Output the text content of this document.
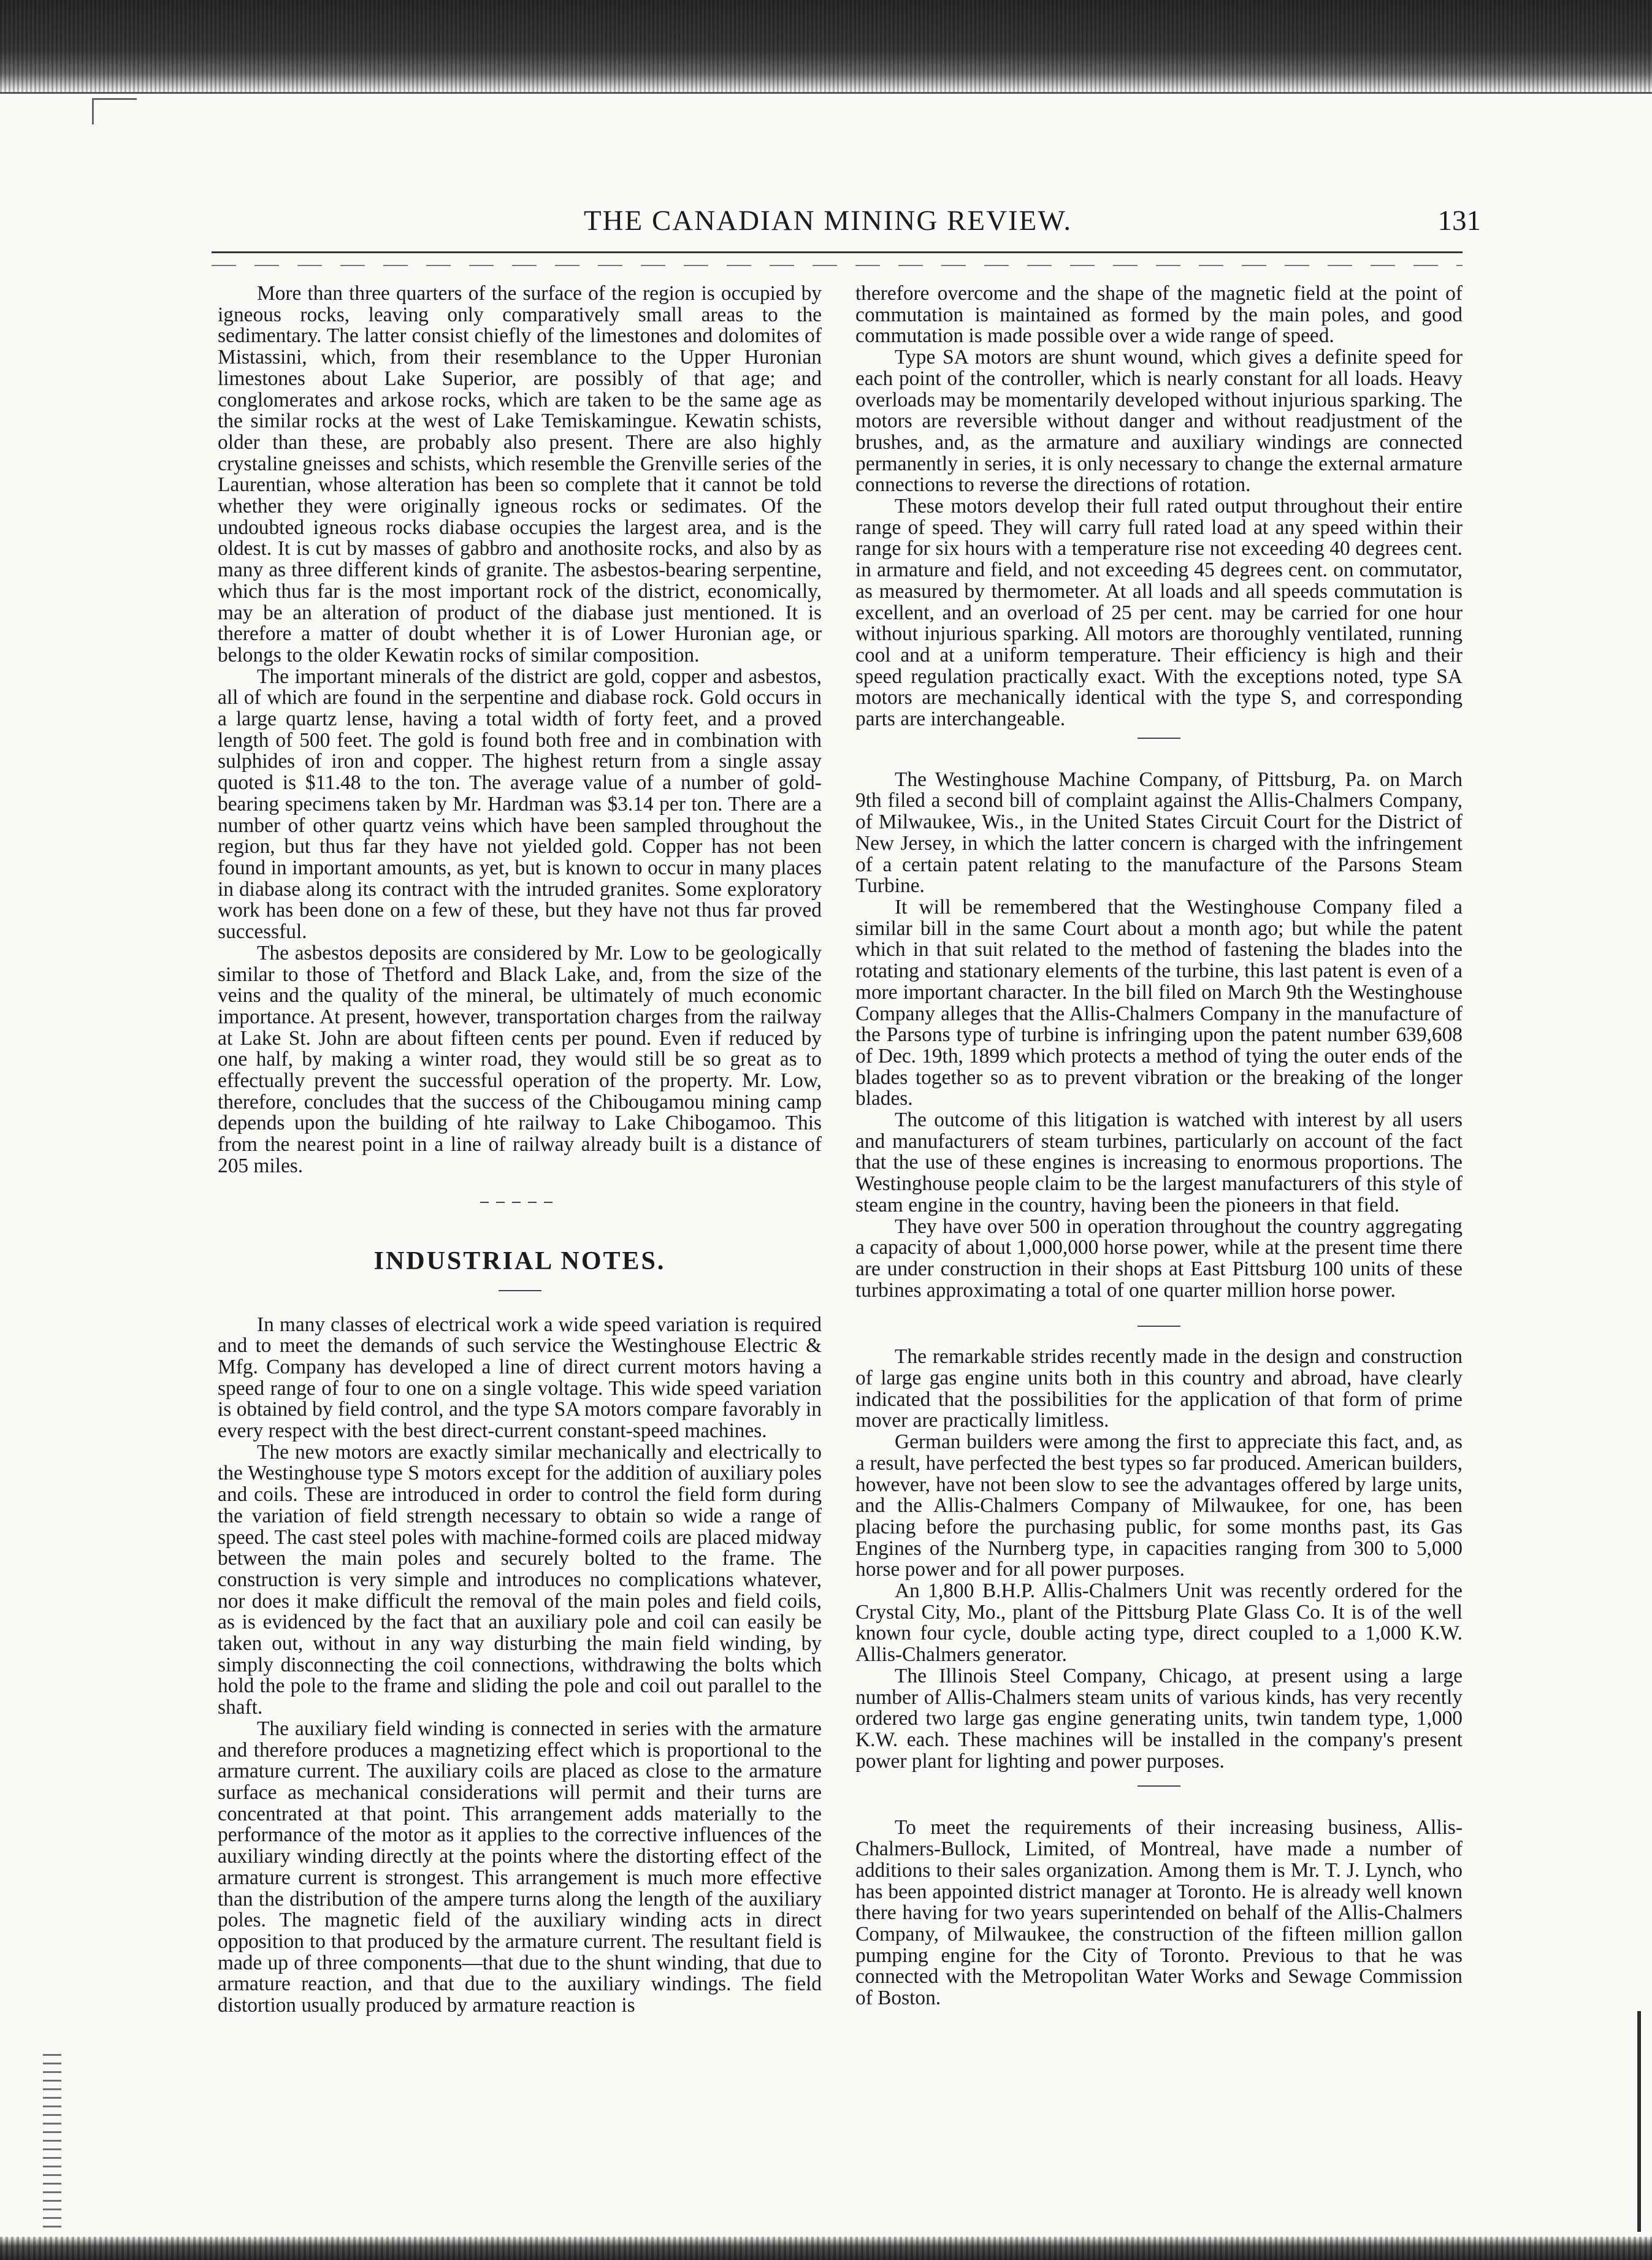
THE CANADIAN MINING REVIEW.	131

More than three quarters of the surface of the region is occupied by igneous rocks, leaving only comparatively small areas to the sedimentary. The latter consist chiefly of the limestones and dolomites of Mistassini, which, from their resemblance to the Upper Huronian limestones about Lake Superior, are possibly of that age; and conglomerates and arkose rocks, which are taken to be the same age as the similar rocks at the west of Lake Temiskamingue. Kewatin schists, older than these, are probably also present. There are also highly crystaline gneisses and schists, which resemble the Grenville series of the Laurentian, whose alteration has been so complete that it cannot be told whether they were originally igneous rocks or sedimates. Of the undoubted igneous rocks diabase occupies the largest area, and is the oldest. It is cut by masses of gabbro and anothosite rocks, and also by as many as three different kinds of granite. The asbestos-bearing serpentine, which thus far is the most important rock of the district, economically, may be an alteration of product of the diabase just mentioned. It is therefore a matter of doubt whether it is of Lower Huronian age, or belongs to the older Kewatin rocks of similar composition.

The important minerals of the district are gold, copper and asbestos, all of which are found in the serpentine and diabase rock. Gold occurs in a large quartz lense, having a total width of forty feet, and a proved length of 500 feet. The gold is found both free and in combination with sulphides of iron and copper. The highest return from a single assay quoted is $11.48 to the ton. The average value of a number of gold-bearing specimens taken by Mr. Hardman was $3.14 per ton. There are a number of other quartz veins which have been sampled throughout the region, but thus far they have not yielded gold. Copper has not been found in important amounts, as yet, but is known to occur in many places in diabase along its contract with the intruded granites. Some exploratory work has been done on a few of these, but they have not thus far proved successful.

The asbestos deposits are considered by Mr. Low to be geologically similar to those of Thetford and Black Lake, and, from the size of the veins and the quality of the mineral, be ultimately of much economic importance. At present, however, transportation charges from the railway at Lake St. John are about fifteen cents per pound. Even if reduced by one half, by making a winter road, they would still be so great as to effectually prevent the successful operation of the property. Mr. Low, therefore, concludes that the success of the Chibougamou mining camp depends upon the building of hte railway to Lake Chibogamoo. This from the nearest point in a line of railway already built is a distance of 205 miles.

INDUSTRIAL NOTES.

In many classes of electrical work a wide speed variation is required and to meet the demands of such service the Westinghouse Electric & Mfg. Company has developed a line of direct current motors having a speed range of four to one on a single voltage. This wide speed variation is obtained by field control, and the type SA motors compare favorably in every respect with the best direct-current constant-speed machines.

The new motors are exactly similar mechanically and electrically to the Westinghouse type S motors except for the addition of auxiliary poles and coils. These are introduced in order to control the field form during the variation of field strength necessary to obtain so wide a range of speed. The cast steel poles with machine-formed coils are placed midway between the main poles and securely bolted to the frame. The construction is very simple and introduces no complications whatever, nor does it make difficult the removal of the main poles and field coils, as is evidenced by the fact that an auxiliary pole and coil can easily be taken out, without in any way disturbing the main field winding, by simply disconnecting the coil connections, withdrawing the bolts which hold the pole to the frame and sliding the pole and coil out parallel to the shaft.

The auxiliary field winding is connected in series with the armature and therefore produces a magnetizing effect which is proportional to the armature current. The auxiliary coils are placed as close to the armature surface as mechanical considerations will permit and their turns are concentrated at that point. This arrangement adds materially to the performance of the motor as it applies to the corrective influences of the auxiliary winding directly at the points where the distorting effect of the armature current is strongest. This arrangement is much more effective than the distribution of the ampere turns along the length of the auxiliary poles. The magnetic field of the auxiliary winding acts in direct opposition to that produced by the armature current. The resultant field is made up of three components—that due to the shunt winding, that due to armature reaction, and that due to the auxiliary windings. The field distortion usually produced by armature reaction is

therefore overcome and the shape of the magnetic field at the point of commutation is maintained as formed by the main poles, and good commutation is made possible over a wide range of speed.

Type SA motors are shunt wound, which gives a definite speed for each point of the controller, which is nearly constant for all loads. Heavy overloads may be momentarily developed without injurious sparking. The motors are reversible without danger and without readjustment of the brushes, and, as the armature and auxiliary windings are connected permanently in series, it is only necessary to change the external armature connections to reverse the directions of rotation.

These motors develop their full rated output throughout their entire range of speed. They will carry full rated load at any speed within their range for six hours with a temperature rise not exceeding 40 degrees cent. in armature and field, and not exceeding 45 degrees cent. on commutator, as measured by thermometer. At all loads and all speeds commutation is excellent, and an overload of 25 per cent. may be carried for one hour without injurious sparking. All motors are thoroughly ventilated, running cool and at a uniform temperature. Their efficiency is high and their speed regulation practically exact. With the exceptions noted, type SA motors are mechanically identical with the type S, and corresponding parts are interchangeable.

The Westinghouse Machine Company, of Pittsburg, Pa. on March 9th filed a second bill of complaint against the Allis-Chalmers Company, of Milwaukee, Wis., in the United States Circuit Court for the District of New Jersey, in which the latter concern is charged with the infringement of a certain patent relating to the manufacture of the Parsons Steam Turbine.

It will be remembered that the Westinghouse Company filed a similar bill in the same Court about a month ago; but while the patent which in that suit related to the method of fastening the blades into the rotating and stationary elements of the turbine, this last patent is even of a more important character. In the bill filed on March 9th the Westinghouse Company alleges that the Allis-Chalmers Company in the manufacture of the Parsons type of turbine is infringing upon the patent number 639,608 of Dec. 19th, 1899 which protects a method of tying the outer ends of the blades together so as to prevent vibration or the breaking of the longer blades.

The outcome of this litigation is watched with interest by all users and manufacturers of steam turbines, particularly on account of the fact that the use of these engines is increasing to enormous proportions. The Westinghouse people claim to be the largest manufacturers of this style of steam engine in the country, having been the pioneers in that field.

They have over 500 in operation throughout the country aggregating a capacity of about 1,000,000 horse power, while at the present time there are under construction in their shops at East Pittsburg 100 units of these turbines approximating a total of one quarter million horse power.

The remarkable strides recently made in the design and construction of large gas engine units both in this country and abroad, have clearly indicated that the possibilities for the application of that form of prime mover are practically limitless.

German builders were among the first to appreciate this fact, and, as a result, have perfected the best types so far produced. American builders, however, have not been slow to see the advantages offered by large units, and the Allis-Chalmers Company of Milwaukee, for one, has been placing before the purchasing public, for some months past, its Gas Engines of the Nurnberg type, in capacities ranging from 300 to 5,000 horse power and for all power purposes.

An 1,800 B.H.P. Allis-Chalmers Unit was recently ordered for the Crystal City, Mo., plant of the Pittsburg Plate Glass Co. It is of the well known four cycle, double acting type, direct coupled to a 1,000 K.W. Allis-Chalmers generator.

The Illinois Steel Company, Chicago, at present using a large number of Allis-Chalmers steam units of various kinds, has very recently ordered two large gas engine generating units, twin tandem type, 1,000 K.W. each. These machines will be installed in the company's present power plant for lighting and power purposes.

To meet the requirements of their increasing business, Allis-Chalmers-Bullock, Limited, of Montreal, have made a number of additions to their sales organization. Among them is Mr. T. J. Lynch, who has been appointed district manager at Toronto. He is already well known there having for two years superintended on behalf of the Allis-Chalmers Company, of Milwaukee, the construction of the fifteen million gallon pumping engine for the City of Toronto. Previous to that he was connected with the Metropolitan Water Works and Sewage Commission of Boston.
